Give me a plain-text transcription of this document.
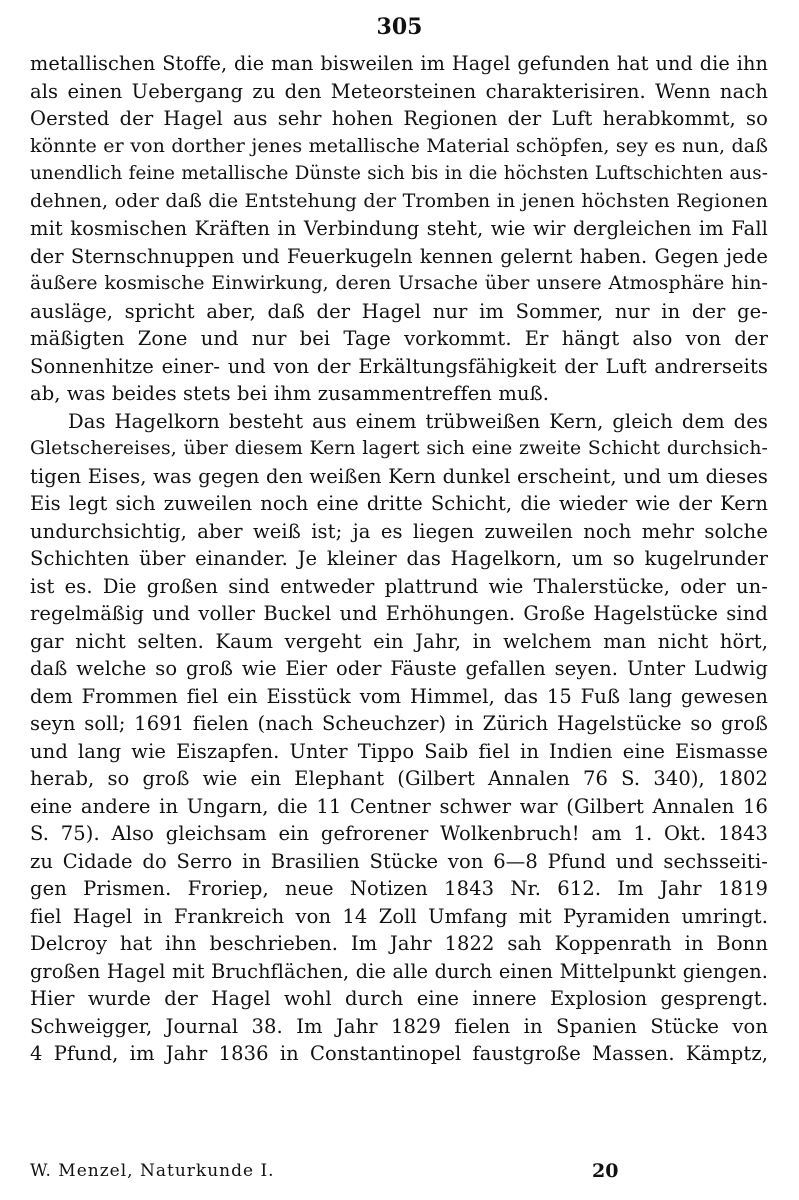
305
metallischen Stoffe, die man bisweilen im Hagel gefunden hat und die ihn
als einen Uebergang zu den Meteorsteinen charakterisiren. Wenn nach
Oersted der Hagel aus sehr hohen Regionen der Luft herabkommt, so
könnte er von dorther jenes metallische Material schöpfen, sey es nun, daß
unendlich feine metallische Dünste sich bis in die höchsten Luftschichten aus-
dehnen, oder daß die Entstehung der Tromben in jenen höchsten Regionen
mit kosmischen Kräften in Verbindung steht, wie wir dergleichen im Fall
der Sternschnuppen und Feuerkugeln kennen gelernt haben. Gegen jede
äußere kosmische Einwirkung, deren Ursache über unsere Atmosphäre hin-
ausläge, spricht aber, daß der Hagel nur im Sommer, nur in der ge-
mäßigten Zone und nur bei Tage vorkommt. Er hängt also von der
Sonnenhitze einer- und von der Erkältungsfähigkeit der Luft andrerseits
ab, was beides stets bei ihm zusammentreffen muß.
Das Hagelkorn besteht aus einem trübweißen Kern, gleich dem des
Gletschereises, über diesem Kern lagert sich eine zweite Schicht durchsich-
tigen Eises, was gegen den weißen Kern dunkel erscheint, und um dieses
Eis legt sich zuweilen noch eine dritte Schicht, die wieder wie der Kern
undurchsichtig, aber weiß ist; ja es liegen zuweilen noch mehr solche
Schichten über einander. Je kleiner das Hagelkorn, um so kugelrunder
ist es. Die großen sind entweder plattrund wie Thalerstücke, oder un-
regelmäßig und voller Buckel und Erhöhungen. Große Hagelstücke sind
gar nicht selten. Kaum vergeht ein Jahr, in welchem man nicht hört,
daß welche so groß wie Eier oder Fäuste gefallen seyen. Unter Ludwig
dem Frommen fiel ein Eisstück vom Himmel, das 15 Fuß lang gewesen
seyn soll; 1691 fielen (nach Scheuchzer) in Zürich Hagelstücke so groß
und lang wie Eiszapfen. Unter Tippo Saib fiel in Indien eine Eismasse
herab, so groß wie ein Elephant (Gilbert Annalen 76 S. 340), 1802
eine andere in Ungarn, die 11 Centner schwer war (Gilbert Annalen 16
S. 75). Also gleichsam ein gefrorener Wolkenbruch! am 1. Okt. 1843
zu Cidade do Serro in Brasilien Stücke von 6—8 Pfund und sechsseiti-
gen Prismen. Froriep, neue Notizen 1843 Nr. 612. Im Jahr 1819
fiel Hagel in Frankreich von 14 Zoll Umfang mit Pyramiden umringt.
Delcroy hat ihn beschrieben. Im Jahr 1822 sah Koppenrath in Bonn
großen Hagel mit Bruchflächen, die alle durch einen Mittelpunkt giengen.
Hier wurde der Hagel wohl durch eine innere Explosion gesprengt.
Schweigger, Journal 38. Im Jahr 1829 fielen in Spanien Stücke von
4 Pfund, im Jahr 1836 in Constantinopel faustgroße Massen. Kämptz,
W. Menzel, Naturkunde I.	20
